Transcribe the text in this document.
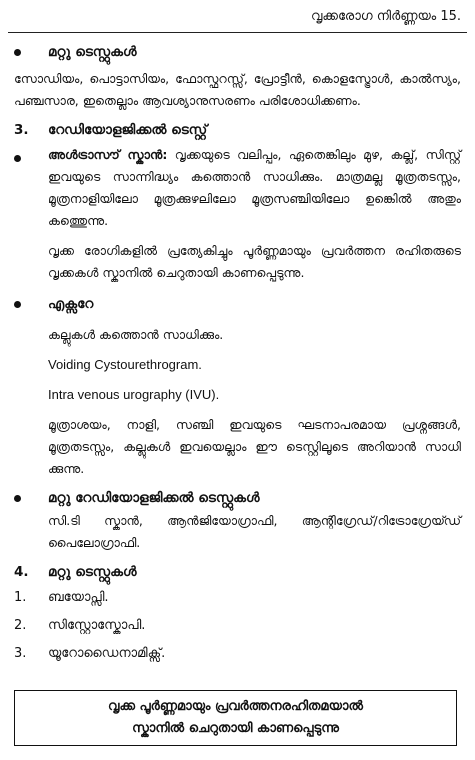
വൃക്കരോഗ നിർണ്ണയം 15.
മറ്റു ടെസ്റ്റുകൾ
സോഡിയം, പൊട്ടാസിയം, ഫോസ്ഫറസ്സ്, പ്രോട്ടീൻ, കൊളസ്ട്രോൾ, കാൽസ്യം, പഞ്ചസാര, ഇതെല്ലാം ആവശ്യാനുസരണം പരിശോധിക്കണം.
3. റേഡിയോളജിക്കൽ ടെസ്റ്റ്
അൾട്രാസൗ് സ്കാൻ: വൃക്കയുടെ വലിപ്പം, ഏതെങ്കിലും മുഴ, കല്ല്, സിസ്റ്റ് ഇവയുടെ സാന്നിദ്ധ്യം കത്തൊൻ സാധിക്കും. മാത്രമല്ല മൂത്രതടസ്സം, മൂത്രനാളിയിലോ മൂത്രക്കുഴലിലോ മൂത്രസഞ്ചിയിലോ ഉങ്കെിൽ അതും കത്തെുന്നു.
വൃക്ക രോഗികളിൽ പ്രത്യേകിച്ചും പൂർണ്ണമായും പ്രവർത്തന രഹിതരുടെ വൃക്കകൾ സ്കാനിൽ ചെറുതായി കാണപ്പെടുന്നു.
എക്സറേ
കല്ലുകൾ കത്തൊൻ സാധിക്കും.
Voiding Cystourethrogram.
Intra venous urography (IVU).
മൂത്രാശയം, നാളി, സഞ്ചി ഇവയുടെ ഘടനാപരമായ പ്രശ്നങ്ങൾ, മൂത്രതടസ്സം, കല്ലുകൾ ഇവയെല്ലാം ഈ ടെസ്റ്റിലൂടെ അറിയാൻ സാധി ക്കുന്നു.
മറ്റു റേഡിയോളജിക്കൽ ടെസ്റ്റുകൾ
സി.ടി സ്കാൻ, ആൻജിയോഗ്രാഫി, ആന്റിഗ്രേഡ്/റിട്രോഗ്രേയ്ഡ് പൈലോഗ്രാഫി.
4. മറ്റു ടെസ്റ്റുകൾ
1. ബയോപ്സി.
2. സിസ്റ്റോസ്കോപി.
3. യൂറോഡൈനാമിക്സ്.
വൃക്ക പൂർണ്ണമായും പ്രവർത്തനരഹിതമയാൽ
സ്കാനിൽ ചെറുതായി കാണപ്പെടുന്നു
